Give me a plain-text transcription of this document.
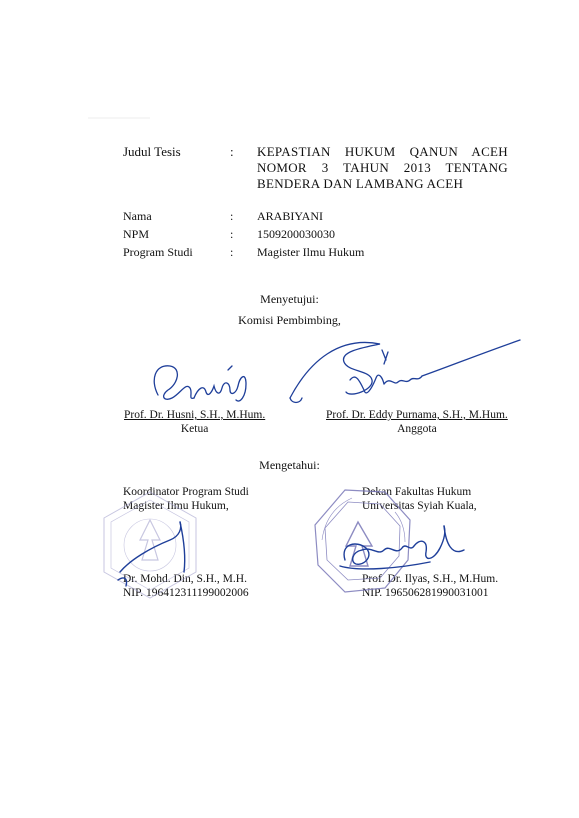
Judul Tesis	:	KEPASTIAN HUKUM QANUN ACEH NOMOR 3 TAHUN 2013 TENTANG BENDERA DAN LAMBANG ACEH
Nama	:	ARABIYANI
NPM	:	1509200030030
Program Studi	:	Magister Ilmu Hukum
Menyetujui:
Komisi Pembimbing,
Prof. Dr. Husni, S.H., M.Hum.
Ketua
Prof. Dr. Eddy Purnama, S.H., M.Hum.
Anggota
Mengetahui:
Koordinator Program Studi
Magister Ilmu Hukum,
Dr. Mohd. Din, S.H., M.H.
NIP. 196412311199002006
Dekan Fakultas Hukum
Universitas Syiah Kuala,
Prof. Dr. Ilyas, S.H., M.Hum.
NIP. 196506281990031001
